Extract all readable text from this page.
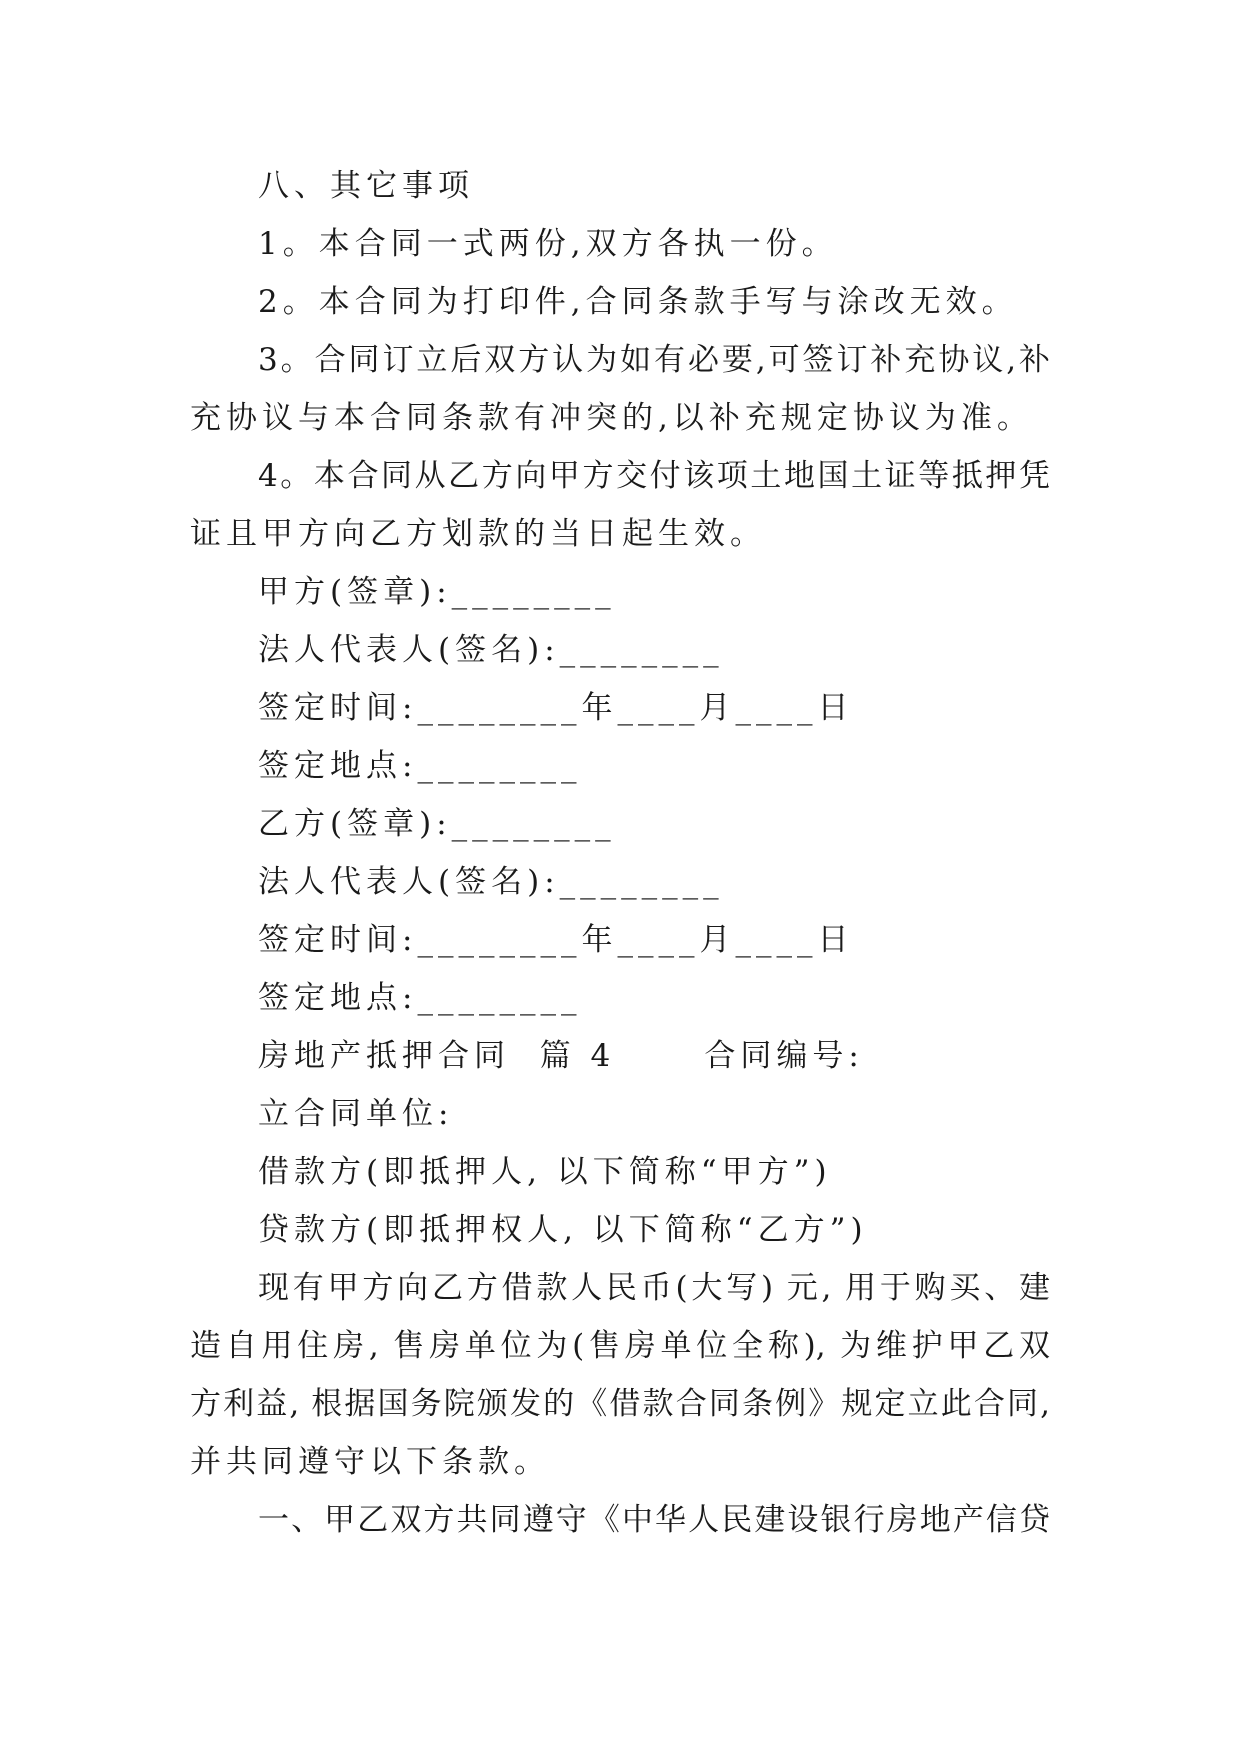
八、其它事项

1。本合同一式两份,双方各执一份。

2。本合同为打印件,合同条款手写与涂改无效。

3。合同订立后双方认为如有必要,可签订补充协议,补

充协议与本合同条款有冲突的,以补充规定协议为准。

4。本合同从乙方向甲方交付该项土地国土证等抵押凭

证且甲方向乙方划款的当日起生效。

甲方(签章):________

法人代表人(签名):________

签定时间:________年____月____日

签定地点:________

乙方(签章):________

法人代表人(签名):________

签定时间:________年____月____日

签定地点:________

房地产抵押合同  篇 4      合同编号:

立合同单位:

借款方(即抵押人, 以下简称“甲方”)

贷款方(即抵押权人, 以下简称“乙方”)

现有甲方向乙方借款人民币(大写) 元, 用于购买、建

造自用住房, 售房单位为(售房单位全称), 为维护甲乙双

方利益, 根据国务院颁发的《借款合同条例》规定立此合同,

并共同遵守以下条款。

一、甲乙双方共同遵守《中华人民建设银行房地产信贷
